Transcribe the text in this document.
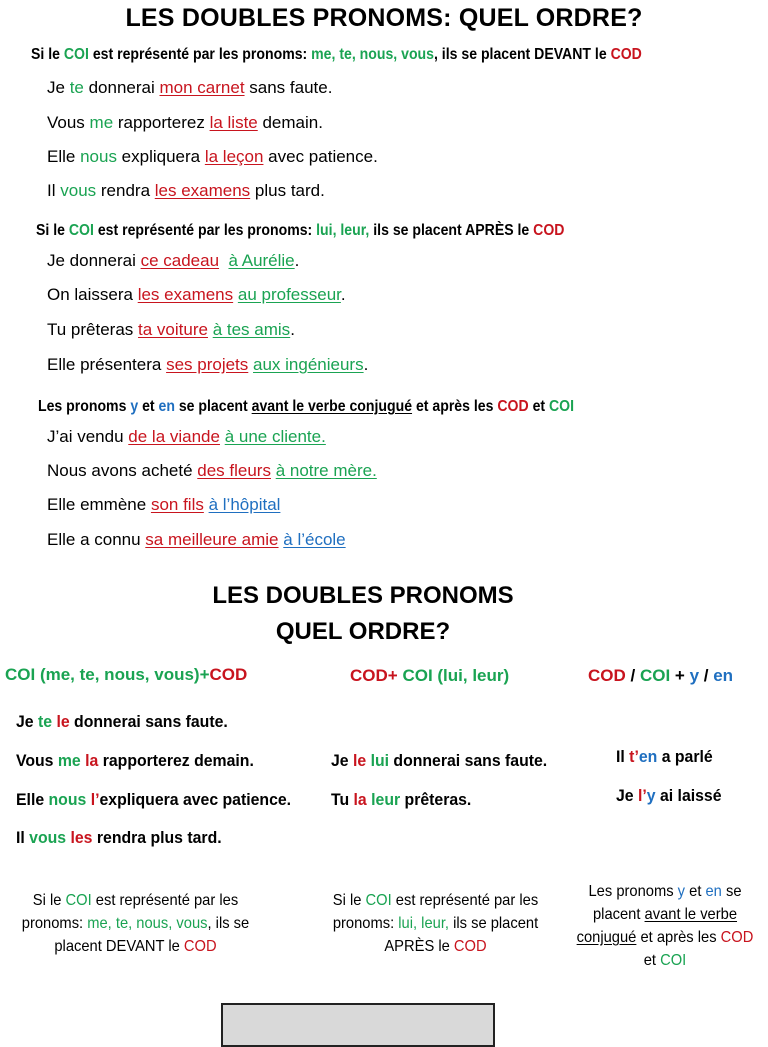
LES DOUBLES PRONOMS: QUEL ORDRE?
Si le COI est représenté par les pronoms: me, te, nous, vous, ils se placent DEVANT le COD
Je te donnerai mon carnet sans faute.
Vous me rapporterez la liste demain.
Elle nous expliquera la leçon avec patience.
Il vous rendra les examens plus tard.
Si le COI est représenté par les pronoms: lui, leur, ils se placent APRÈS le COD
Je donnerai ce cadeau à Aurélie.
On laissera les examens au professeur.
Tu prêteras ta voiture à tes amis.
Elle présentera ses projets aux ingénieurs.
Les pronoms y et en se placent avant le verbe conjugué et après les COD et COI
J’ai vendu de la viande à une cliente.
Nous avons acheté des fleurs à notre mère.
Elle emmène son fils à l’hôpital
Elle a connu sa meilleure amie à l’école
LES DOUBLES PRONOMS
QUEL ORDRE?
COI (me, te, nous, vous)+COD	COD+ COI (lui, leur)	COD / COI + y / en
Je te le donnerai sans faute.
Vous me la rapporterez demain.
Elle nous l’expliquera avec patience.
Il vous les rendra plus tard.
Je le lui donnerai sans faute.
Tu la leur prêteras.
Il t’en a parlé
Je l’y ai laissé
Si le COI est représenté par les pronoms: me, te, nous, vous, ils se placent DEVANT le COD
Si le COI est représenté par les pronoms: lui, leur, ils se placent APRÈS le COD
Les pronoms y et en se placent avant le verbe conjugué et après les COD et COI
